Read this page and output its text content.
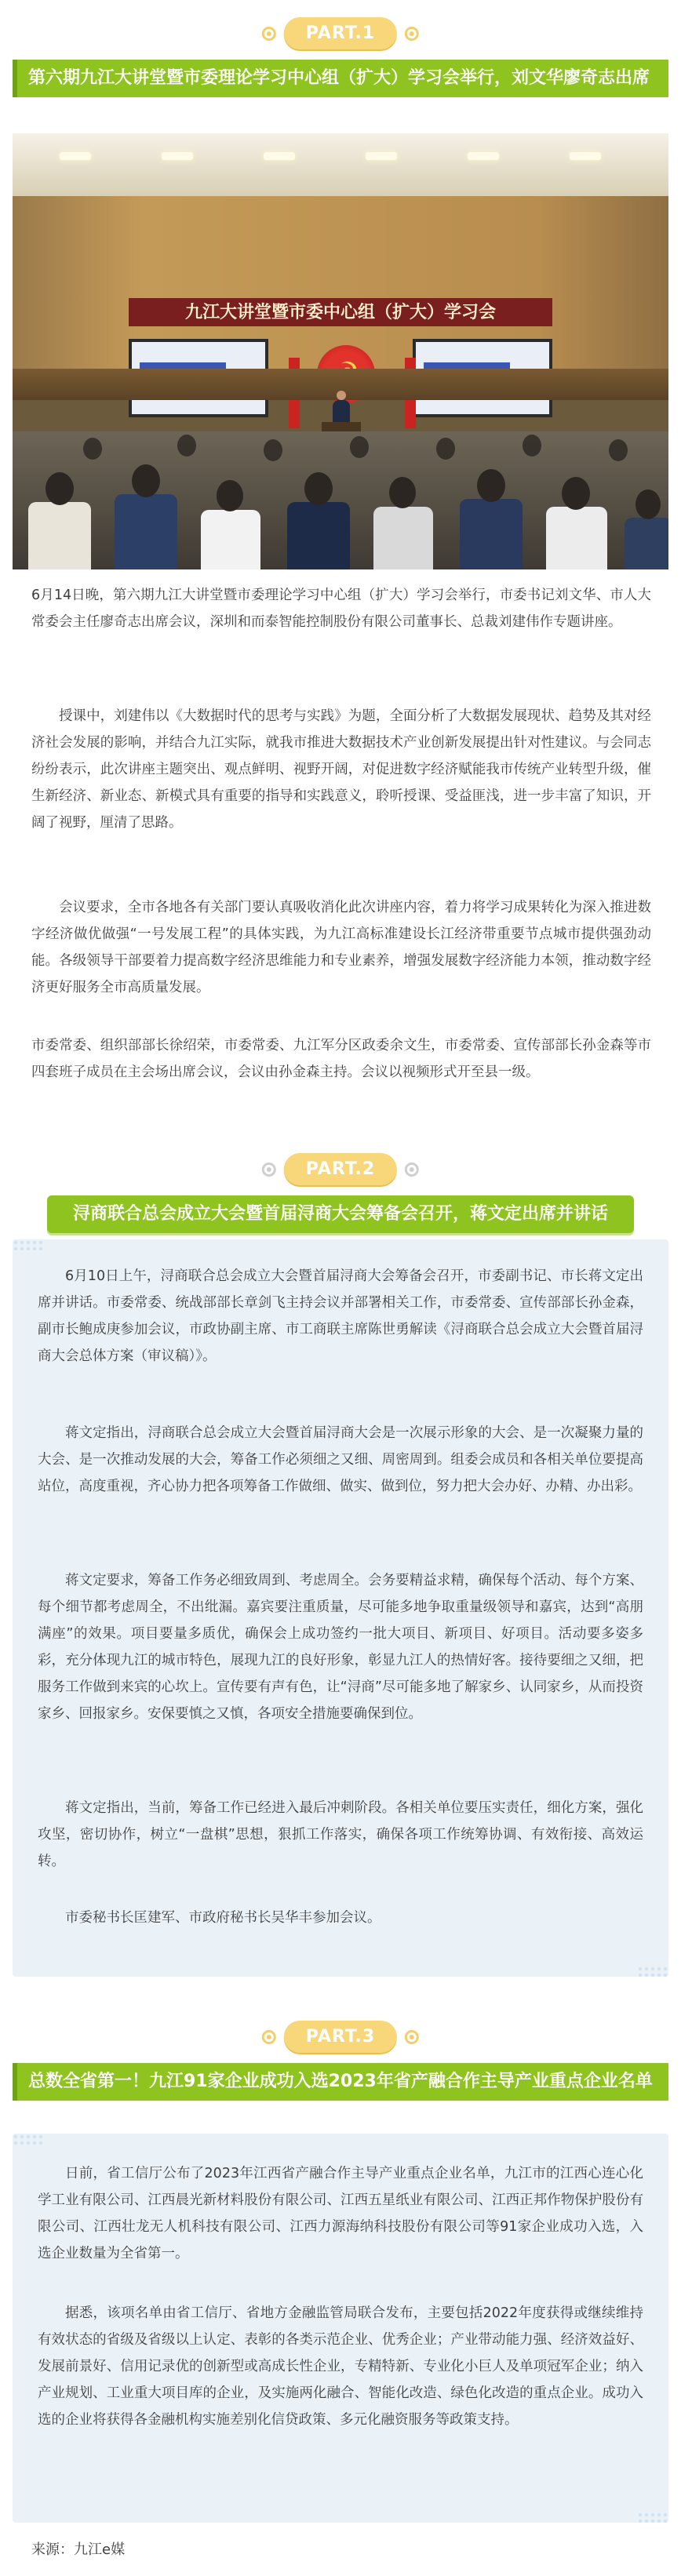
PART.1
第六期九江大讲堂暨市委理论学习中心组（扩大）学习会举行，刘文华廖奇志出席
九江大讲堂暨市委中心组（扩大）学习会
6月14日晚，第六期九江大讲堂暨市委理论学习中心组（扩大）学习会举行，市委书记刘文华、市人大常委会主任廖奇志出席会议，深圳和而泰智能控制股份有限公司董事长、总裁刘建伟作专题讲座。
授课中，刘建伟以《大数据时代的思考与实践》为题，全面分析了大数据发展现状、趋势及其对经济社会发展的影响，并结合九江实际，就我市推进大数据技术产业创新发展提出针对性建议。与会同志纷纷表示，此次讲座主题突出、观点鲜明、视野开阔，对促进数字经济赋能我市传统产业转型升级，催生新经济、新业态、新模式具有重要的指导和实践意义，聆听授课、受益匪浅，进一步丰富了知识，开阔了视野，厘清了思路。
会议要求，全市各地各有关部门要认真吸收消化此次讲座内容，着力将学习成果转化为深入推进数字经济做优做强“一号发展工程”的具体实践，为九江高标准建设长江经济带重要节点城市提供强劲动能。各级领导干部要着力提高数字经济思维能力和专业素养，增强发展数字经济能力本领，推动数字经济更好服务全市高质量发展。
市委常委、组织部部长徐绍荣，市委常委、九江军分区政委余文生，市委常委、宣传部部长孙金森等市四套班子成员在主会场出席会议，会议由孙金森主持。会议以视频形式开至县一级。
PART.2
浔商联合总会成立大会暨首届浔商大会筹备会召开，蒋文定出席并讲话
6月10日上午，浔商联合总会成立大会暨首届浔商大会筹备会召开，市委副书记、市长蒋文定出席并讲话。市委常委、统战部部长章剑飞主持会议并部署相关工作，市委常委、宣传部部长孙金森，副市长鲍成庚参加会议，市政协副主席、市工商联主席陈世勇解读《浔商联合总会成立大会暨首届浔商大会总体方案（审议稿）》。
蒋文定指出，浔商联合总会成立大会暨首届浔商大会是一次展示形象的大会、是一次凝聚力量的大会、是一次推动发展的大会，筹备工作必须细之又细、周密周到。组委会成员和各相关单位要提高站位，高度重视，齐心协力把各项筹备工作做细、做实、做到位，努力把大会办好、办精、办出彩。
蒋文定要求，筹备工作务必细致周到、考虑周全。会务要精益求精，确保每个活动、每个方案、每个细节都考虑周全，不出纰漏。嘉宾要注重质量，尽可能多地争取重量级领导和嘉宾，达到“高朋满座”的效果。项目要量多质优，确保会上成功签约一批大项目、新项目、好项目。活动要多姿多彩，充分体现九江的城市特色，展现九江的良好形象，彰显九江人的热情好客。接待要细之又细，把服务工作做到来宾的心坎上。宣传要有声有色，让“浔商”尽可能多地了解家乡、认同家乡，从而投资家乡、回报家乡。安保要慎之又慎，各项安全措施要确保到位。
蒋文定指出，当前，筹备工作已经进入最后冲刺阶段。各相关单位要压实责任，细化方案，强化攻坚，密切协作，树立“一盘棋”思想，狠抓工作落实，确保各项工作统筹协调、有效衔接、高效运转。
市委秘书长匡建军、市政府秘书长吴华丰参加会议。
PART.3
总数全省第一！九江91家企业成功入选2023年省产融合作主导产业重点企业名单
日前，省工信厅公布了2023年江西省产融合作主导产业重点企业名单，九江市的江西心连心化学工业有限公司、江西晨光新材料股份有限公司、江西五星纸业有限公司、江西正邦作物保护股份有限公司、江西壮龙无人机科技有限公司、江西力源海纳科技股份有限公司等91家企业成功入选，入选企业数量为全省第一。
据悉，该项名单由省工信厅、省地方金融监管局联合发布，主要包括2022年度获得或继续维持有效状态的省级及省级以上认定、表彰的各类示范企业、优秀企业；产业带动能力强、经济效益好、发展前景好、信用记录优的创新型或高成长性企业，专精特新、专业化小巨人及单项冠军企业；纳入产业规划、工业重大项目库的企业，及实施两化融合、智能化改造、绿色化改造的重点企业。成功入选的企业将获得各金融机构实施差别化信贷政策、多元化融资服务等政策支持。
来源：九江e媒
